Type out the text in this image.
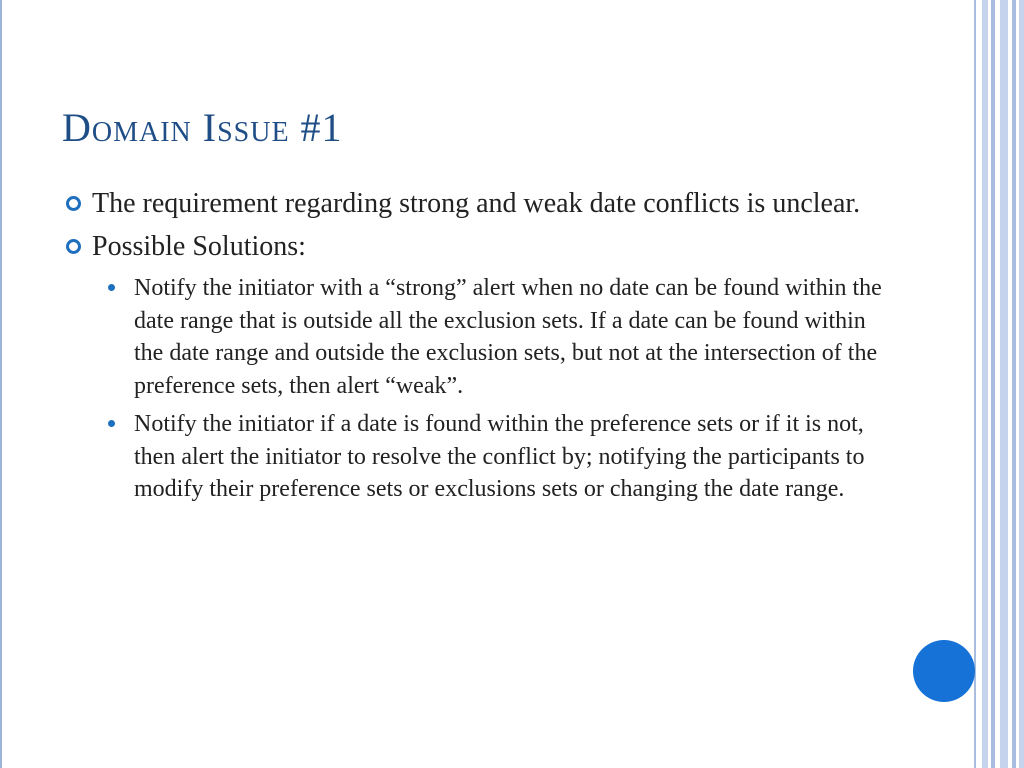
Domain Issue #1
The requirement regarding strong and weak date conflicts is unclear.
Possible Solutions:
Notify the initiator with a “strong” alert when no date can be found within the date range that is outside all the exclusion sets. If a date can be found within the date range and outside the exclusion sets, but not at the intersection of the preference sets, then alert “weak”.
Notify the initiator if a date is found within the preference sets or if it is not, then alert the initiator to resolve the conflict by; notifying the participants to modify their preference sets or exclusions sets or changing the date range.
